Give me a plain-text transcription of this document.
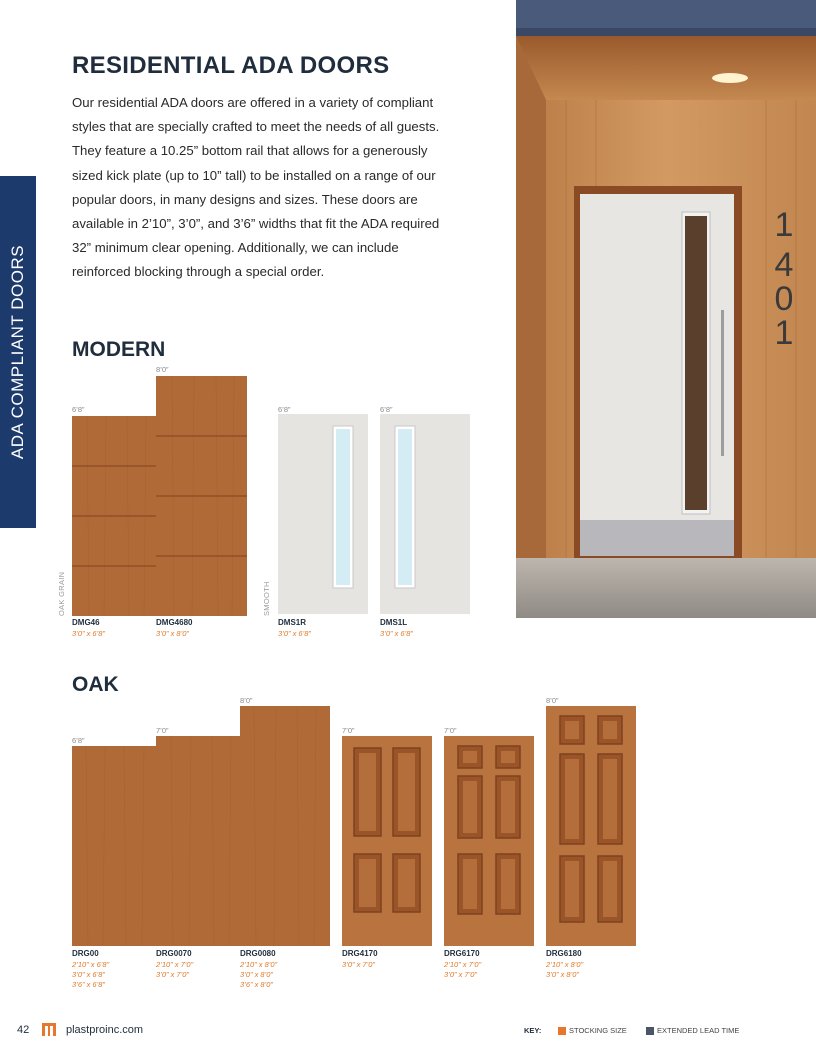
ADA COMPLIANT DOORS
RESIDENTIAL ADA DOORS

Our residential ADA doors are offered in a variety of compliant styles that are specially crafted to meet the needs of all guests. They feature a 10.25” bottom rail that allows for a generously sized kick plate (up to 10” tall) to be installed on a range of our popular doors, in many designs and sizes. These doors are available in 2’10”, 3’0”, and 3’6” widths that fit the ADA required 32” minimum clear opening. Additionally, we can include reinforced blocking through a special order.

1
4
0
1
MODERN
OAK GRAIN	SMOOTH
6’8”
DMG46
3’0” x 6’8”
8’0”
DMG4680
3’0” x 8’0”
6’8”
DMS1R
3’0” x 6’8”
6’8”
DMS1L
3’0” x 6’8”
OAK
6’8”
DRG00
2’10” x 6’8”
3’0” x 6’8”
3’6” x 6’8”
7’0”
DRG0070
2’10” x 7’0”
3’0” x 7’0”
8’0”
DRG0080
2’10” x 8’0”
3’0” x 8’0”
3’6” x 8’0”
7’0”
DRG4170
3’0” x 7’0”
7’0”
DRG6170
2’10” x 7’0”
3’0” x 7’0”
8’0”
DRG6180
2’10” x 8’0”
3’0” x 8’0”
42	plastproinc.com	KEY:	STOCKING SIZE	EXTENDED LEAD TIME
